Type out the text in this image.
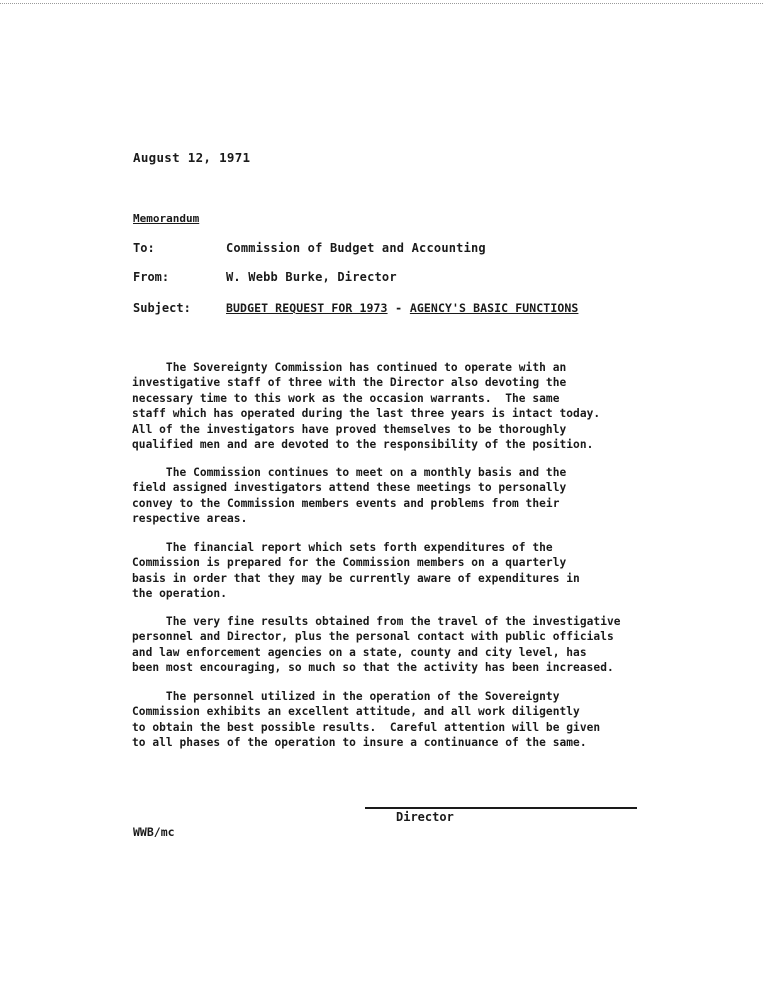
August 12, 1971
Memorandum
To:	Commission of Budget and Accounting
From:	W. Webb Burke, Director
Subject:	BUDGET REQUEST FOR 1973 - AGENCY'S BASIC FUNCTIONS
The Sovereignty Commission has continued to operate with an
investigative staff of three with the Director also devoting the
necessary time to this work as the occasion warrants.  The same
staff which has operated during the last three years is intact today.
All of the investigators have proved themselves to be thoroughly
qualified men and are devoted to the responsibility of the position.
The Commission continues to meet on a monthly basis and the
field assigned investigators attend these meetings to personally
convey to the Commission members events and problems from their
respective areas.
The financial report which sets forth expenditures of the
Commission is prepared for the Commission members on a quarterly
basis in order that they may be currently aware of expenditures in
the operation.
The very fine results obtained from the travel of the investigative
personnel and Director, plus the personal contact with public officials
and law enforcement agencies on a state, county and city level, has
been most encouraging, so much so that the activity has been increased.
The personnel utilized in the operation of the Sovereignty
Commission exhibits an excellent attitude, and all work diligently
to obtain the best possible results.  Careful attention will be given
to all phases of the operation to insure a continuance of the same.
Director
WWB/mc
